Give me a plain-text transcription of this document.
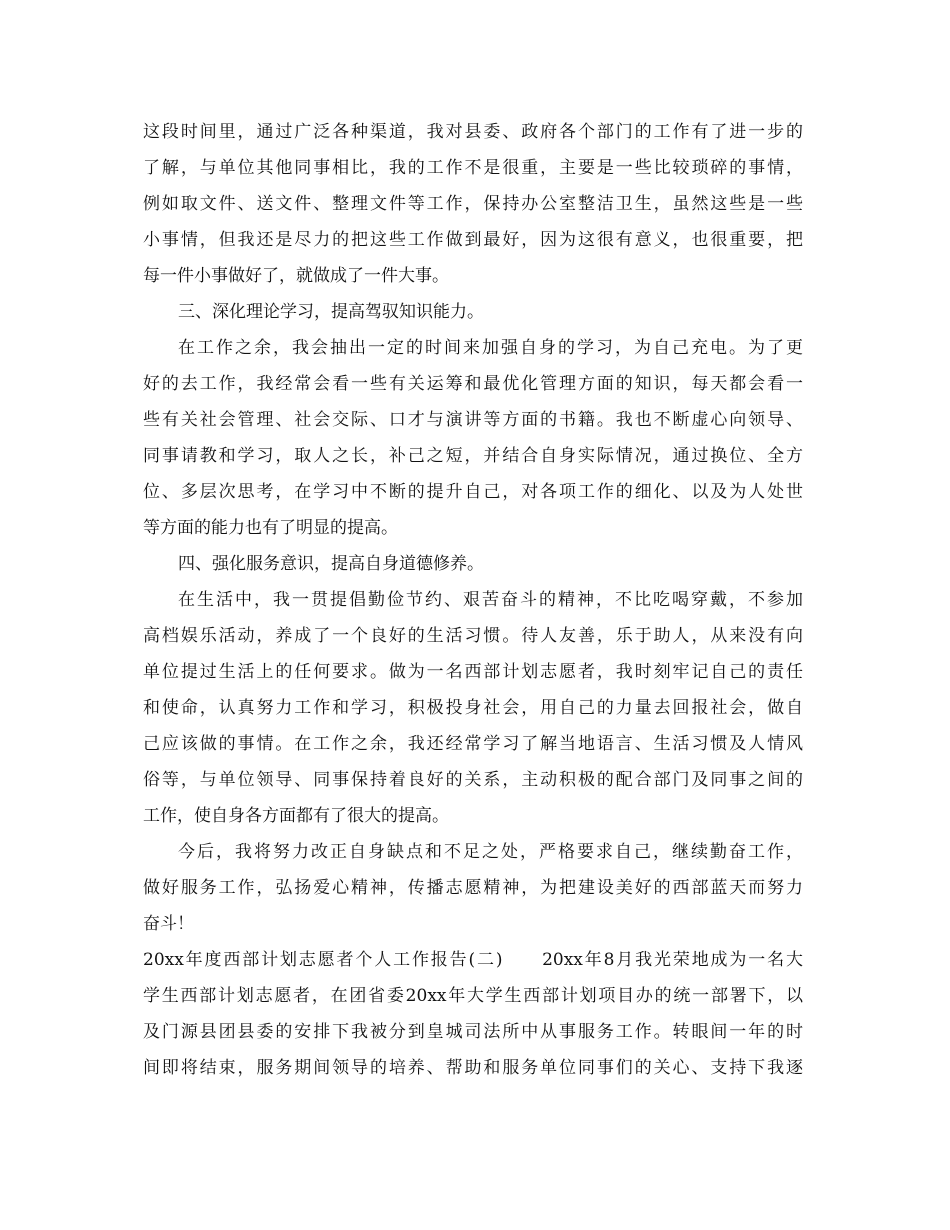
这段时间里，通过广泛各种渠道，我对县委、政府各个部门的工作有了进一步的
了解，与单位其他同事相比，我的工作不是很重，主要是一些比较琐碎的事情，
例如取文件、送文件、整理文件等工作，保持办公室整洁卫生，虽然这些是一些
小事情，但我还是尽力的把这些工作做到最好，因为这很有意义，也很重要，把
每一件小事做好了，就做成了一件大事。
三、深化理论学习，提高驾驭知识能力。
在工作之余，我会抽出一定的时间来加强自身的学习，为自己充电。为了更
好的去工作，我经常会看一些有关运筹和最优化管理方面的知识，每天都会看一
些有关社会管理、社会交际、口才与演讲等方面的书籍。我也不断虚心向领导、
同事请教和学习，取人之长，补己之短，并结合自身实际情况，通过换位、全方
位、多层次思考，在学习中不断的提升自己，对各项工作的细化、以及为人处世
等方面的能力也有了明显的提高。
四、强化服务意识，提高自身道德修养。
在生活中，我一贯提倡勤俭节约、艰苦奋斗的精神，不比吃喝穿戴，不参加
高档娱乐活动，养成了一个良好的生活习惯。待人友善，乐于助人，从来没有向
单位提过生活上的任何要求。做为一名西部计划志愿者，我时刻牢记自己的责任
和使命，认真努力工作和学习，积极投身社会，用自己的力量去回报社会，做自
己应该做的事情。在工作之余，我还经常学习了解当地语言、生活习惯及人情风
俗等，与单位领导、同事保持着良好的关系，主动积极的配合部门及同事之间的
工作，使自身各方面都有了很大的提高。
今后，我将努力改正自身缺点和不足之处，严格要求自己，继续勤奋工作，
做好服务工作，弘扬爱心精神，传播志愿精神，为把建设美好的西部蓝天而努力
奋斗！
20xx年度西部计划志愿者个人工作报告(二)　　20xx年8月我光荣地成为一名大
学生西部计划志愿者，在团省委20xx年大学生西部计划项目办的统一部署下，以
及门源县团县委的安排下我被分到皇城司法所中从事服务工作。转眼间一年的时
间即将结束，服务期间领导的培养、帮助和服务单位同事们的关心、支持下我逐
